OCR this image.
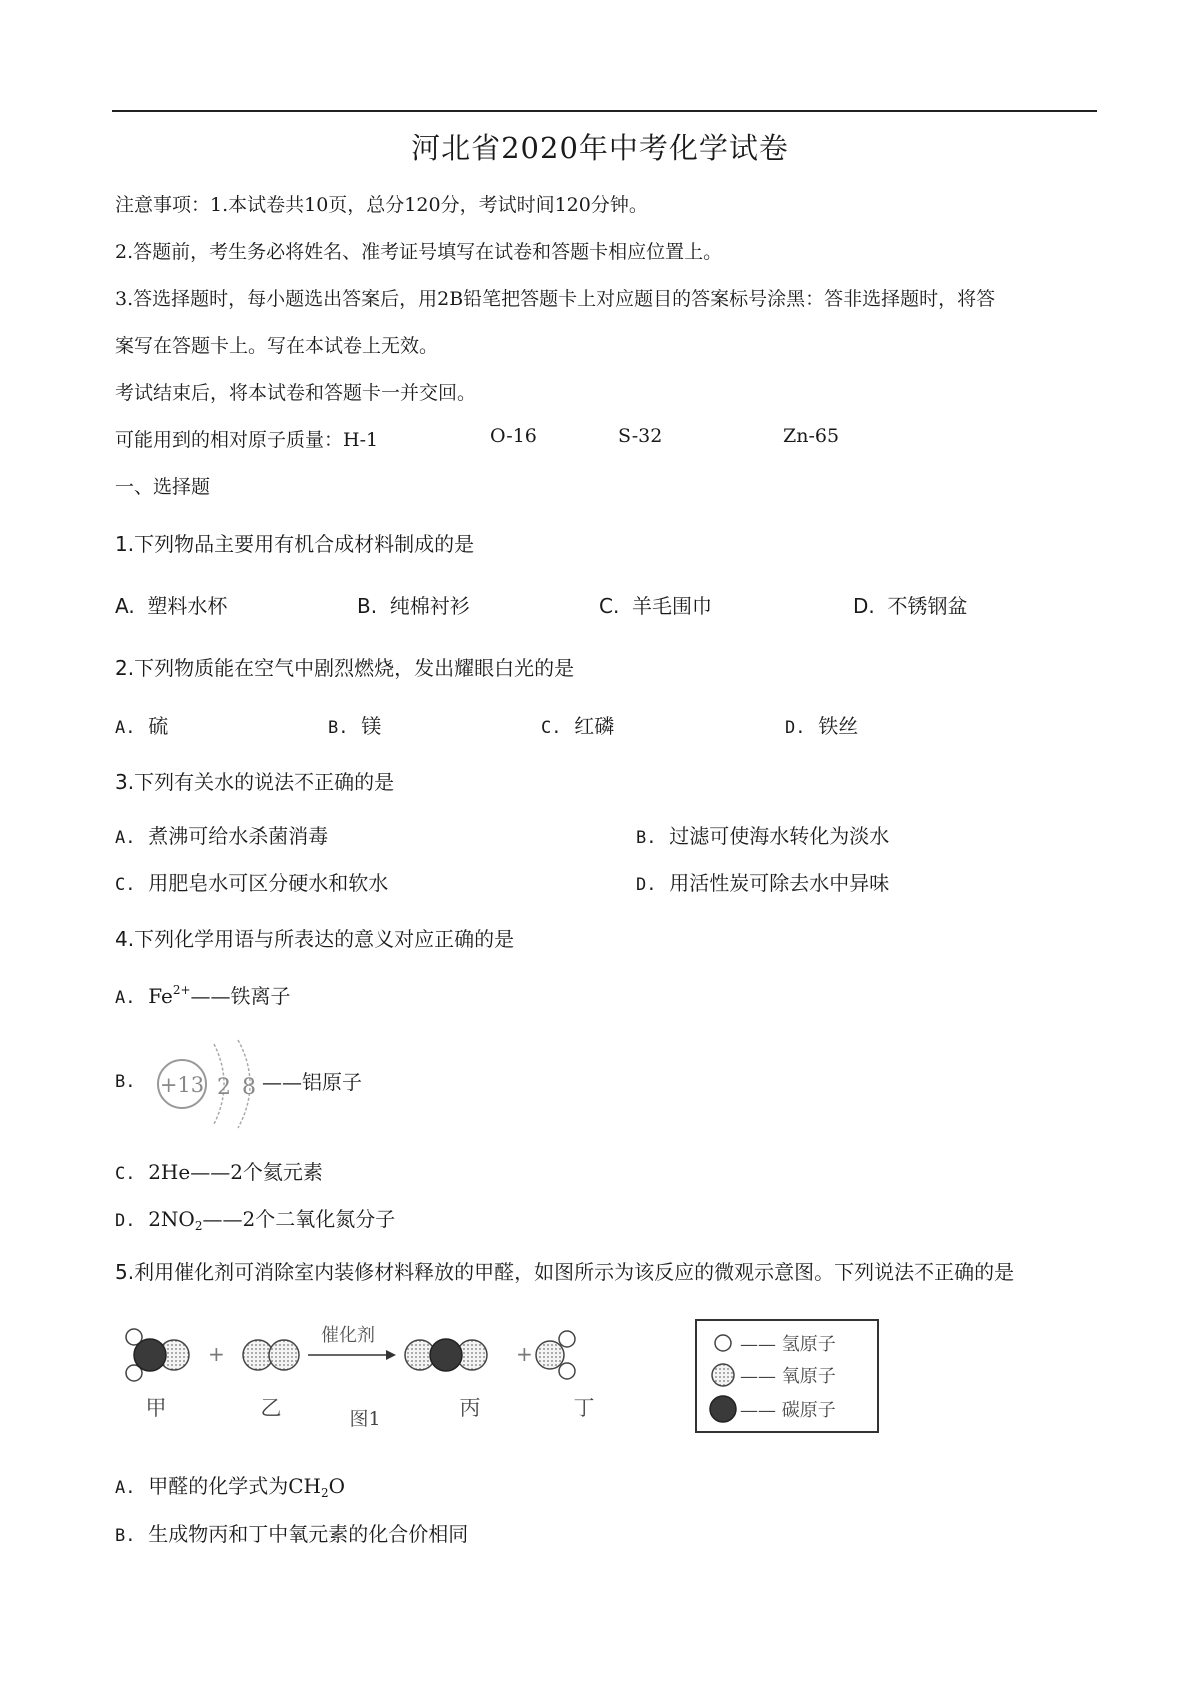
河北省2020年中考化学试卷
注意事项：1.本试卷共10页，总分120分，考试时间120分钟。
2.答题前，考生务必将姓名、准考证号填写在试卷和答题卡相应位置上。
3.答选择题时，每小题选出答案后，用2B铅笔把答题卡上对应题目的答案标号涂黑：答非选择题时，将答
案写在答题卡上。写在本试卷上无效。
考试结束后，将本试卷和答题卡一并交回。
可能用到的相对原子质量：H-1	O-16	S-32	Zn-65
一、选择题
1.下列物品主要用有机合成材料制成的是
A. 塑料水杯	B. 纯棉衬衫	C. 羊毛围巾	D. 不锈钢盆
2.下列物质能在空气中剧烈燃烧，发出耀眼白光的是
A. 硫	B. 镁	C. 红磷	D. 铁丝
3.下列有关水的说法不正确的是
A. 煮沸可给水杀菌消毒	B. 过滤可使海水转化为淡水
C. 用肥皂水可区分硬水和软水	D. 用活性炭可除去水中异味
4.下列化学用语与所表达的意义对应正确的是
A. $Fe^{2+}——$铁离子
B. +13 2 8 ——铝原子
C. 2He——2个氦元素
D. $2NO_2——2$个二氧化氮分子
5.利用催化剂可消除室内装修材料释放的甲醛，如图所示为该反应的微观示意图。下列说法不正确的是
+
催化剂
+
甲	乙	图1	丙	丁
—— 氢原子
—— 氧原子
—— 碳原子
A. 甲醛的化学式为$CH_2O$
B. 生成物丙和丁中氧元素的化合价相同
